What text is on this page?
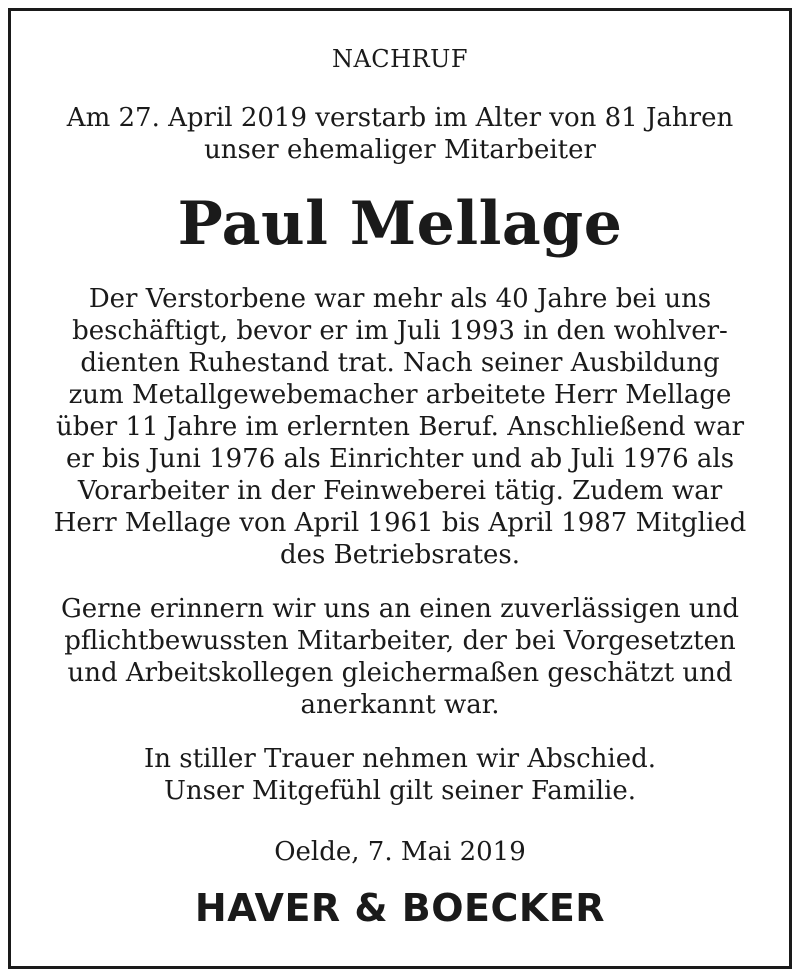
NACHRUF
Am 27. April 2019 verstarb im Alter von 81 Jahren
unser ehemaliger Mitarbeiter
Paul Mellage
Der Verstorbene war mehr als 40 Jahre bei uns
beschäftigt, bevor er im Juli 1993 in den wohlver-
dienten Ruhestand trat. Nach seiner Ausbildung
zum Metallgewebemacher arbeitete Herr Mellage
über 11 Jahre im erlernten Beruf. Anschließend war
er bis Juni 1976 als Einrichter und ab Juli 1976 als
Vorarbeiter in der Feinweberei tätig. Zudem war
Herr Mellage von April 1961 bis April 1987 Mitglied
des Betriebsrates.
Gerne erinnern wir uns an einen zuverlässigen und
pflichtbewussten Mitarbeiter, der bei Vorgesetzten
und Arbeitskollegen gleichermaßen geschätzt und
anerkannt war.
In stiller Trauer nehmen wir Abschied.
Unser Mitgefühl gilt seiner Familie.
Oelde, 7. Mai 2019
HAVER & BOECKER
